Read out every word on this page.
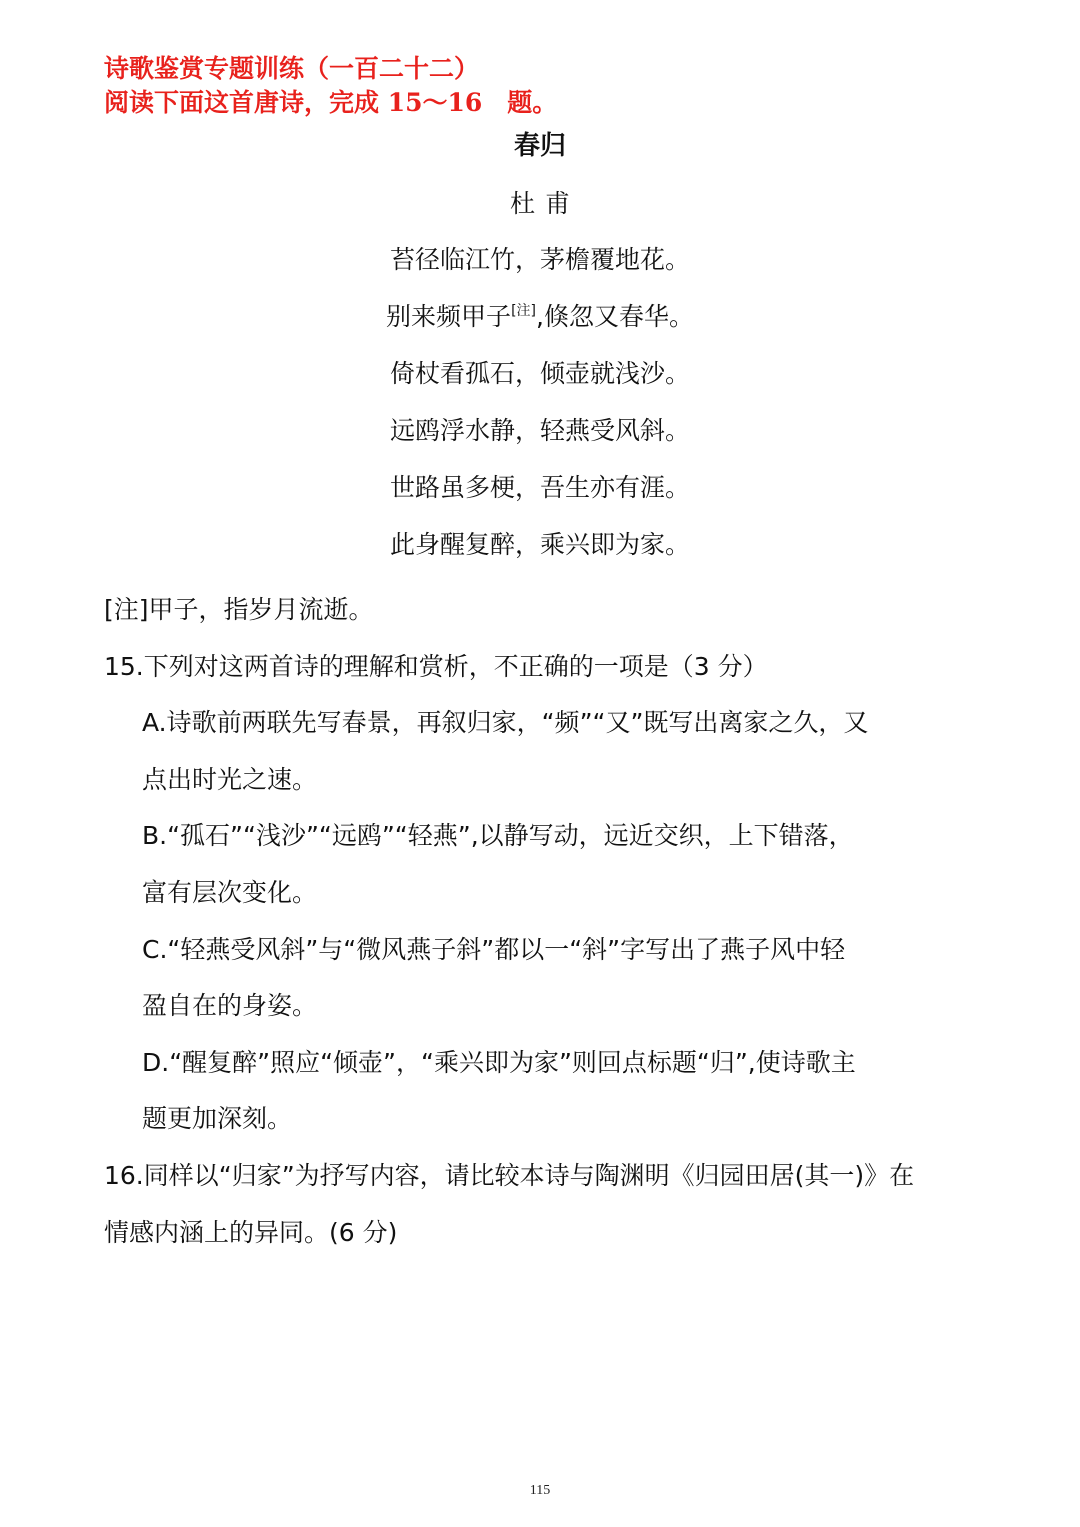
诗歌鉴赏专题训练（一百二十二）
阅读下面这首唐诗，完成 15～16　题。
春归
杜甫
苔径临江竹，茅檐覆地花。
别来频甲子[注],倏忽又春华。
倚杖看孤石，倾壶就浅沙。
远鸥浮水静，轻燕受风斜。
世路虽多梗，吾生亦有涯。
此身醒复醉，乘兴即为家。
[注]甲子，指岁月流逝。
15.下列对这两首诗的理解和赏析，不正确的一项是（3 分）
A.诗歌前两联先写春景，再叙归家，“频”“又”既写出离家之久，又
点出时光之速。
B.“孤石”“浅沙”“远鸥”“轻燕”,以静写动，远近交织，上下错落，
富有层次变化。
C.“轻燕受风斜”与“微风燕子斜”都以一“斜”字写出了燕子风中轻
盈自在的身姿。
D.“醒复醉”照应“倾壶”，“乘兴即为家”则回点标题“归”,使诗歌主
题更加深刻。
16.同样以“归家”为抒写内容，请比较本诗与陶渊明《归园田居(其一)》在
情感内涵上的异同。(6 分)
115
